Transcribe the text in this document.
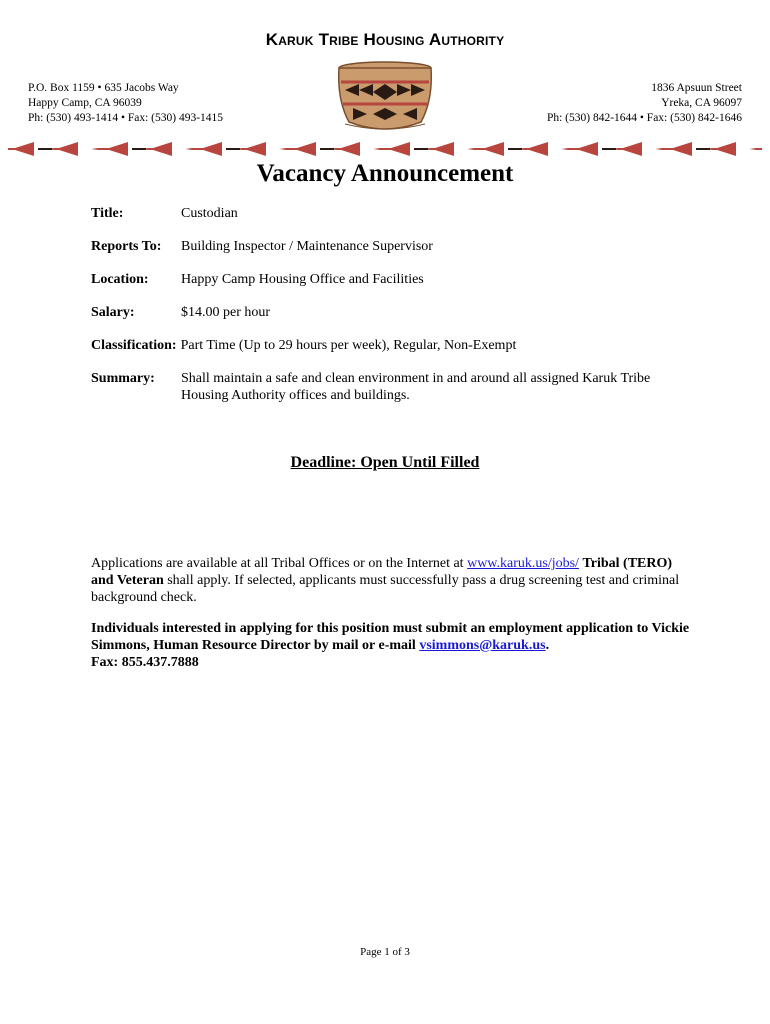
Karuk Tribe Housing Authority
P.O. Box 1159 • 635 Jacobs Way
Happy Camp, CA 96039
Ph: (530) 493-1414 • Fax: (530) 493-1415
1836 Apsuun Street
Yreka, CA 96097
Ph: (530) 842-1644 • Fax: (530) 842-1646
Vacancy Announcement
Title:	Custodian
Reports To:	Building Inspector / Maintenance Supervisor
Location:	Happy Camp Housing Office and Facilities
Salary:	$14.00 per hour
Classification: Part Time (Up to 29 hours per week), Regular, Non-Exempt
Summary:	Shall maintain a safe and clean environment in and around all assigned Karuk Tribe Housing Authority offices and buildings.
Deadline: Open Until Filled
Applications are available at all Tribal Offices or on the Internet at www.karuk.us/jobs/ Tribal (TERO) and Veteran shall apply. If selected, applicants must successfully pass a drug screening test and criminal background check.
Individuals interested in applying for this position must submit an employment application to Vickie Simmons, Human Resource Director by mail or e-mail vsimmons@karuk.us.
Fax: 855.437.7888
Page 1 of 3
